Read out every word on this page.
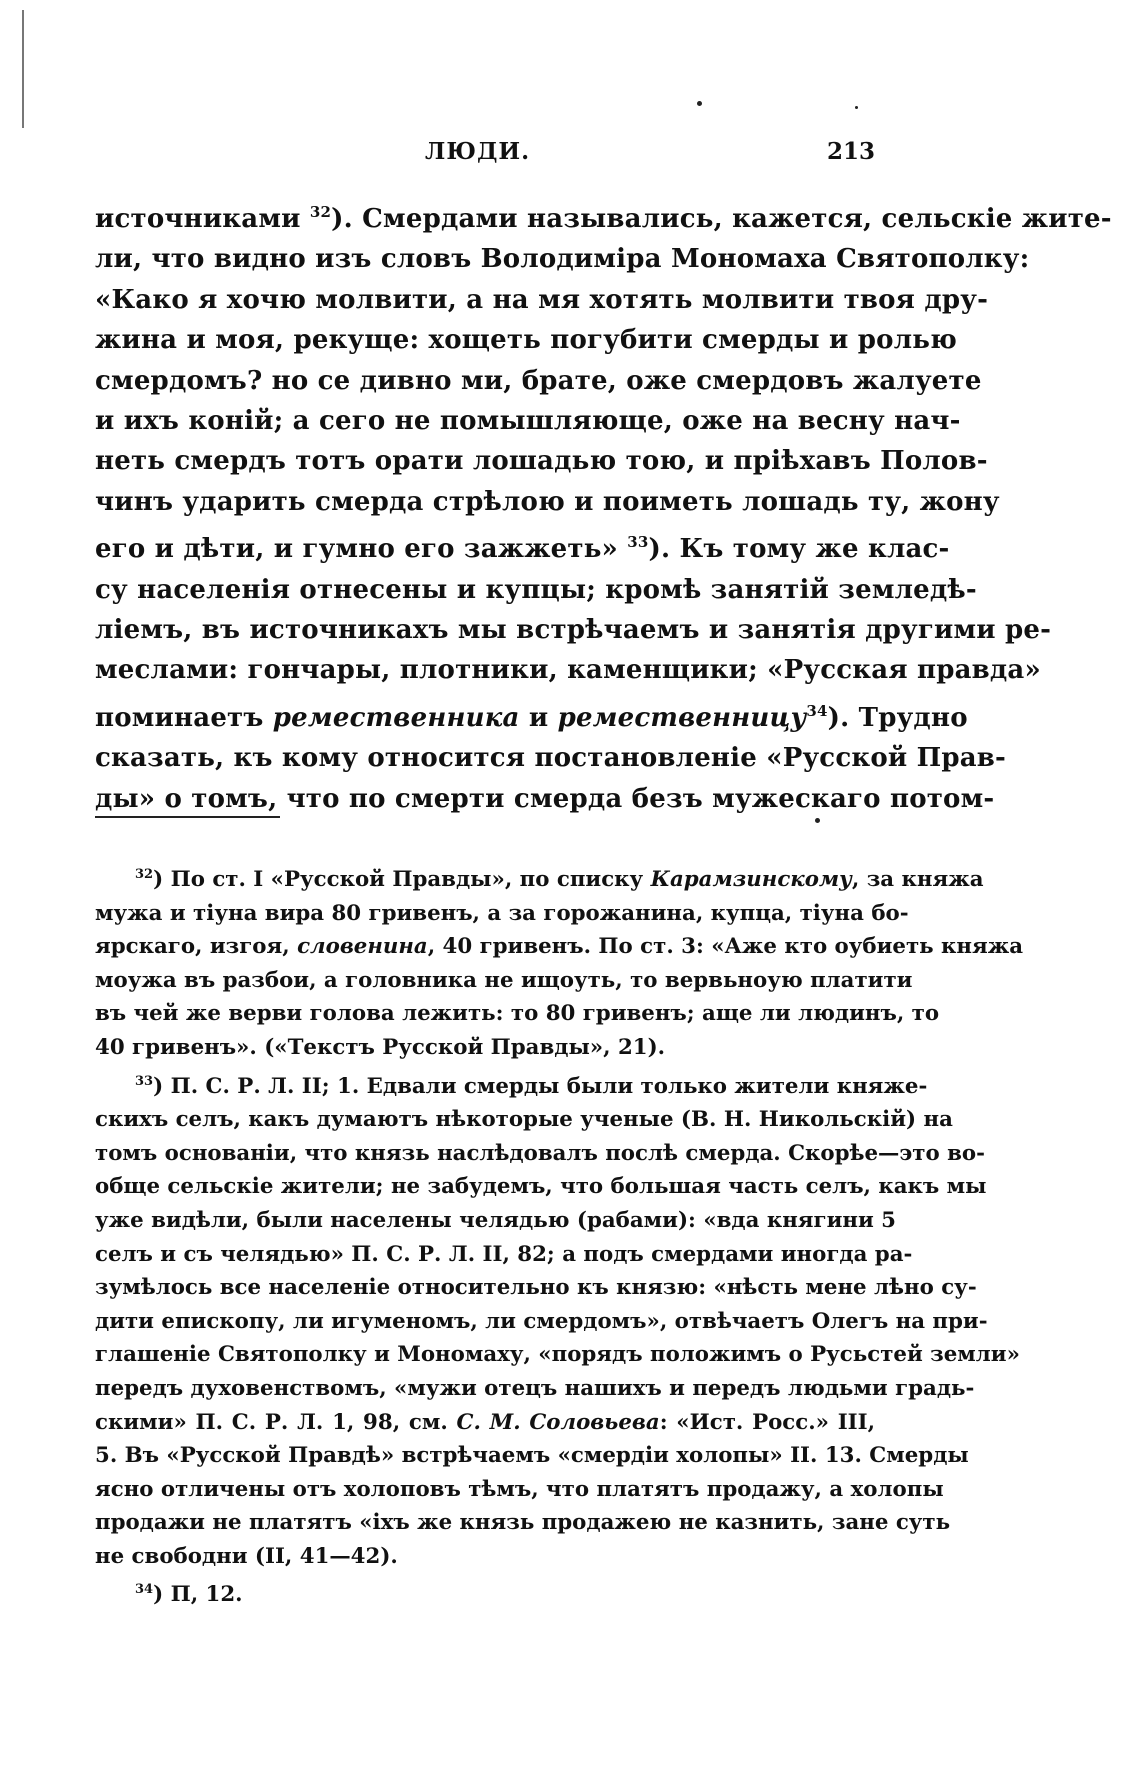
ЛЮДИ.	213
источниками $^{32}$). Смердами назывались, кажется, сельскіе жите-
ли, что видно изъ словъ Володиміра Мономаха Святополку:
«Како я хочю молвити, а на мя хотять молвити твоя дру-
жина и моя, рекуще: хощеть погубити смерды и ролью
смердомъ? но се дивно ми, брате, оже смердовъ жалуете
и ихъ конiй; а сего не помышляюще, оже на весну нач-
неть смердъ тотъ орати лошадью тою, и прiѣхавъ Полов-
чинъ ударить смерда стрѣлою и поиметь лошадь ту, жону
его и дѣти, и гумно его зажжеть» $^{33}$). Къ тому же клас-
су населенія отнесены и купцы; кромѣ занятій земледѣ-
лiемъ, въ источникахъ мы встрѣчаемъ и занятія другими ре-
меслами: гончары, плотники, каменщики; «Русская правда»
поминаетъ ремественника и ремественницу$^{34}$). Трудно
сказать, къ кому относится постановленіе «Русской Прав-
ды» о томъ, что по смерти смерда безъ мужескаго потом-
$^{32}$) По ст. I «Русской Правды», по списку Карамзинскому, за княжа
мужа и тiуна вира 80 гривенъ, а за горожанина, купца, тiуна бо-
ярскаго, изгоя, словенина, 40 гривенъ. По ст. 3: «Аже кто оубиеть княжа
моужа въ разбои, а головника не ищоуть, то вервьноую платити
въ чей же верви голова лежить: то 80 гривенъ; аще ли людинъ, то
40 гривенъ». («Текстъ Русской Правды», 21).
$^{33}$) П. С. Р. Л. II; 1. Едвали смерды были только жители княже-
скихъ селъ, какъ думаютъ нѣкоторые ученые (В. Н. Никольскій) на
томъ основаніи, что князь наслѣдовалъ послѣ смерда. Скорѣе—это во-
обще сельскіе жители; не забудемъ, что большая часть селъ, какъ мы
уже видѣли, были населены челядью (рабами): «вда княгини 5
селъ и съ челядью» П. С. Р. Л. II, 82; а подъ смердами иногда ра-
зумѣлось все населеніе относительно къ князю: «нѣсть мене лѣно су-
дити епископу, ли игуменомъ, ли смердомъ», отвѣчаетъ Олегъ на при-
глашеніе Святополку и Мономаху, «порядъ положимъ о Русьстей земли»
передъ духовенствомъ, «мужи отецъ нашихъ и передъ людьми градь-
скими» П. С. Р. Л. 1, 98, см. С. М. Соловьева: «Ист. Росс.» III,
5. Въ «Русской Правдѣ» встрѣчаемъ «смердіи холопы» II. 13. Смерды
ясно отличены отъ холоповъ тѣмъ, что платятъ продажу, а холопы
продажи не платятъ «іхъ же князь продажею не казнить, зане суть
не свободни (II, 41—42).
$^{34}$) П, 12.
